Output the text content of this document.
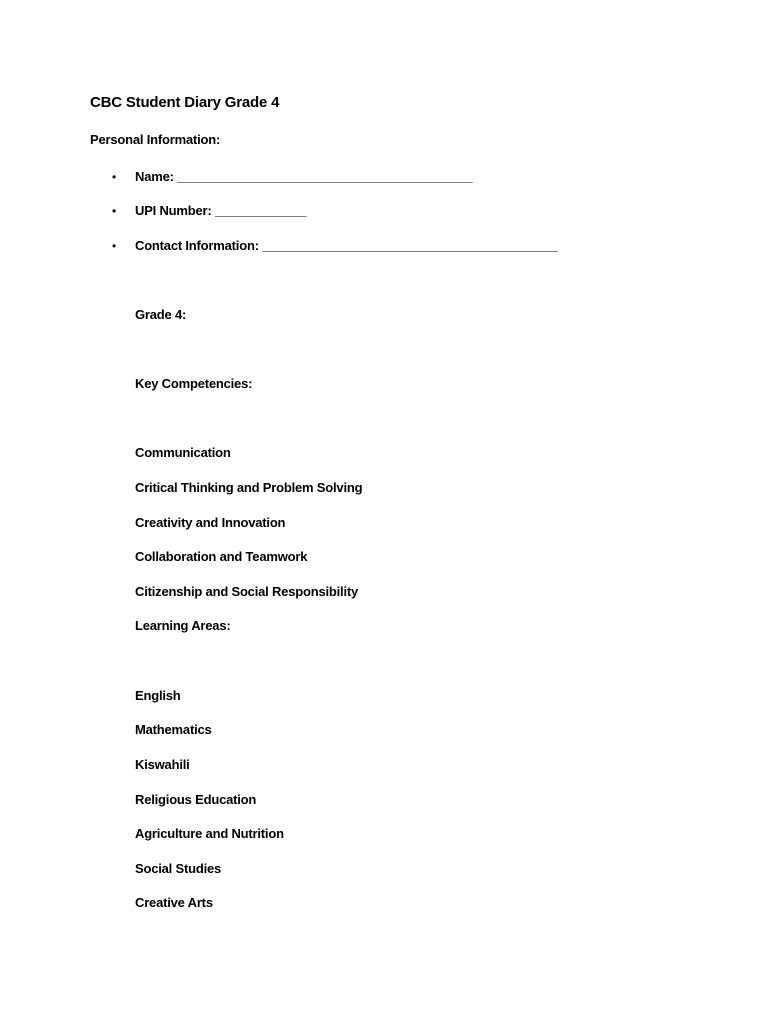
CBC Student Diary Grade 4
Personal Information:
• Name: __________________________________________
• UPI Number: _____________
• Contact Information: __________________________________________
Grade 4:
Key Competencies:
Communication
Critical Thinking and Problem Solving
Creativity and Innovation
Collaboration and Teamwork
Citizenship and Social Responsibility
Learning Areas:
English
Mathematics
Kiswahili
Religious Education
Agriculture and Nutrition
Social Studies
Creative Arts
